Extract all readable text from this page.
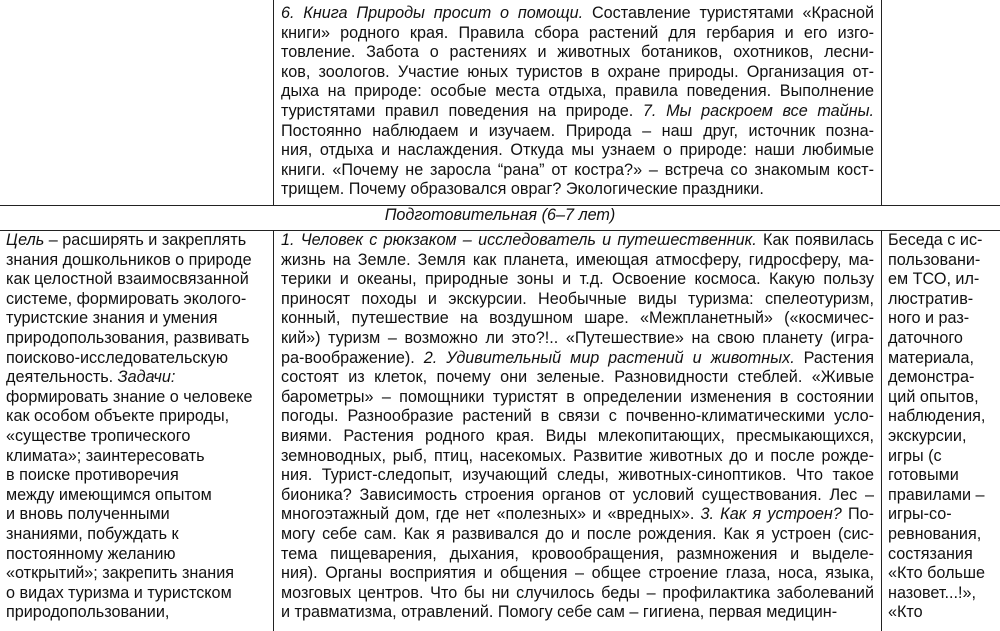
6. Книга Природы просит о помощи. Составление туристятами «Красной
книги» родного края. Правила сбора растений для гербария и его изго-
товление. Забота о растениях и животных ботаников, охотников, лесни-
ков, зоологов. Участие юных туристов в охране природы. Организация от-
дыха на природе: особые места отдыха, правила поведения. Выполнение
туристятами правил поведения на природе. 7. Мы раскроем все тайны.
Постоянно наблюдаем и изучаем. Природа – наш друг, источник позна-
ния, отдыха и наслаждения. Откуда мы узнаем о природе: наши любимые
книги. «Почему не заросла “рана” от костра?» – встреча со знакомым кост-
трищем. Почему образовался овраг? Экологические праздники.
Подготовительная (6–7 лет)
Цель – расширять и закреплять
знания дошкольников о природе
как целостной взаимосвязанной
системе, формировать эколого-
туристские знания и умения
природопользования, развивать
поисково-исследовательскую
деятельность. Задачи:
формировать знание о человеке
как особом объекте природы,
«существе тропического
климата»; заинтересовать
в поиске противоречия
между имеющимся опытом
и вновь полученными
знаниями, побуждать к
постоянному желанию
«открытий»; закрепить знания
о видах туризма и туристском
природопользовании,
1. Человек с рюкзаком – исследователь и путешественник. Как появилась
жизнь на Земле. Земля как планета, имеющая атмосферу, гидросферу, ма-
терики и океаны, природные зоны и т.д. Освоение космоса. Какую пользу
приносят походы и экскурсии. Необычные виды туризма: спелеотуризм,
конный, путешествие на воздушном шаре. «Межпланетный» («космичес-
кий») туризм – возможно ли это?!.. «Путешествие» на свою планету (игра-
ра-воображение). 2. Удивительный мир растений и животных. Растения
состоят из клеток, почему они зеленые. Разновидности стеблей. «Живые
барометры» – помощники туристят в определении изменения в состоянии
погоды. Разнообразие растений в связи с почвенно-климатическими усло-
виями. Растения родного края. Виды млекопитающих, пресмыкающихся,
земноводных, рыб, птиц, насекомых. Развитие животных до и после рожде-
ния. Турист-следопыт, изучающий следы, животных-синоптиков. Что такое
бионика? Зависимость строения органов от условий существования. Лес –
многоэтажный дом, где нет «полезных» и «вредных». 3. Как я устроен? По-
могу себе сам. Как я развивался до и после рождения. Как я устроен (сис-
тема пищеварения, дыхания, кровообращения, размножения и выделе-
ния). Органы восприятия и общения – общее строение глаза, носа, языка,
мозговых центров. Что бы ни случилось беды – профилактика заболеваний
и травматизма, отравлений. Помогу себе сам – гигиена, первая медицин-
Беседа с ис-
пользовани-
ем ТСО, ил-
люстратив-
ного и раз-
даточного
материала,
демонстра-
ций опытов,
наблюдения,
экскурсии,
игры (с
готовыми
правилами –
игры-со-
ревнования,
состязания
«Кто больше
назовет...!»,
«Кто
